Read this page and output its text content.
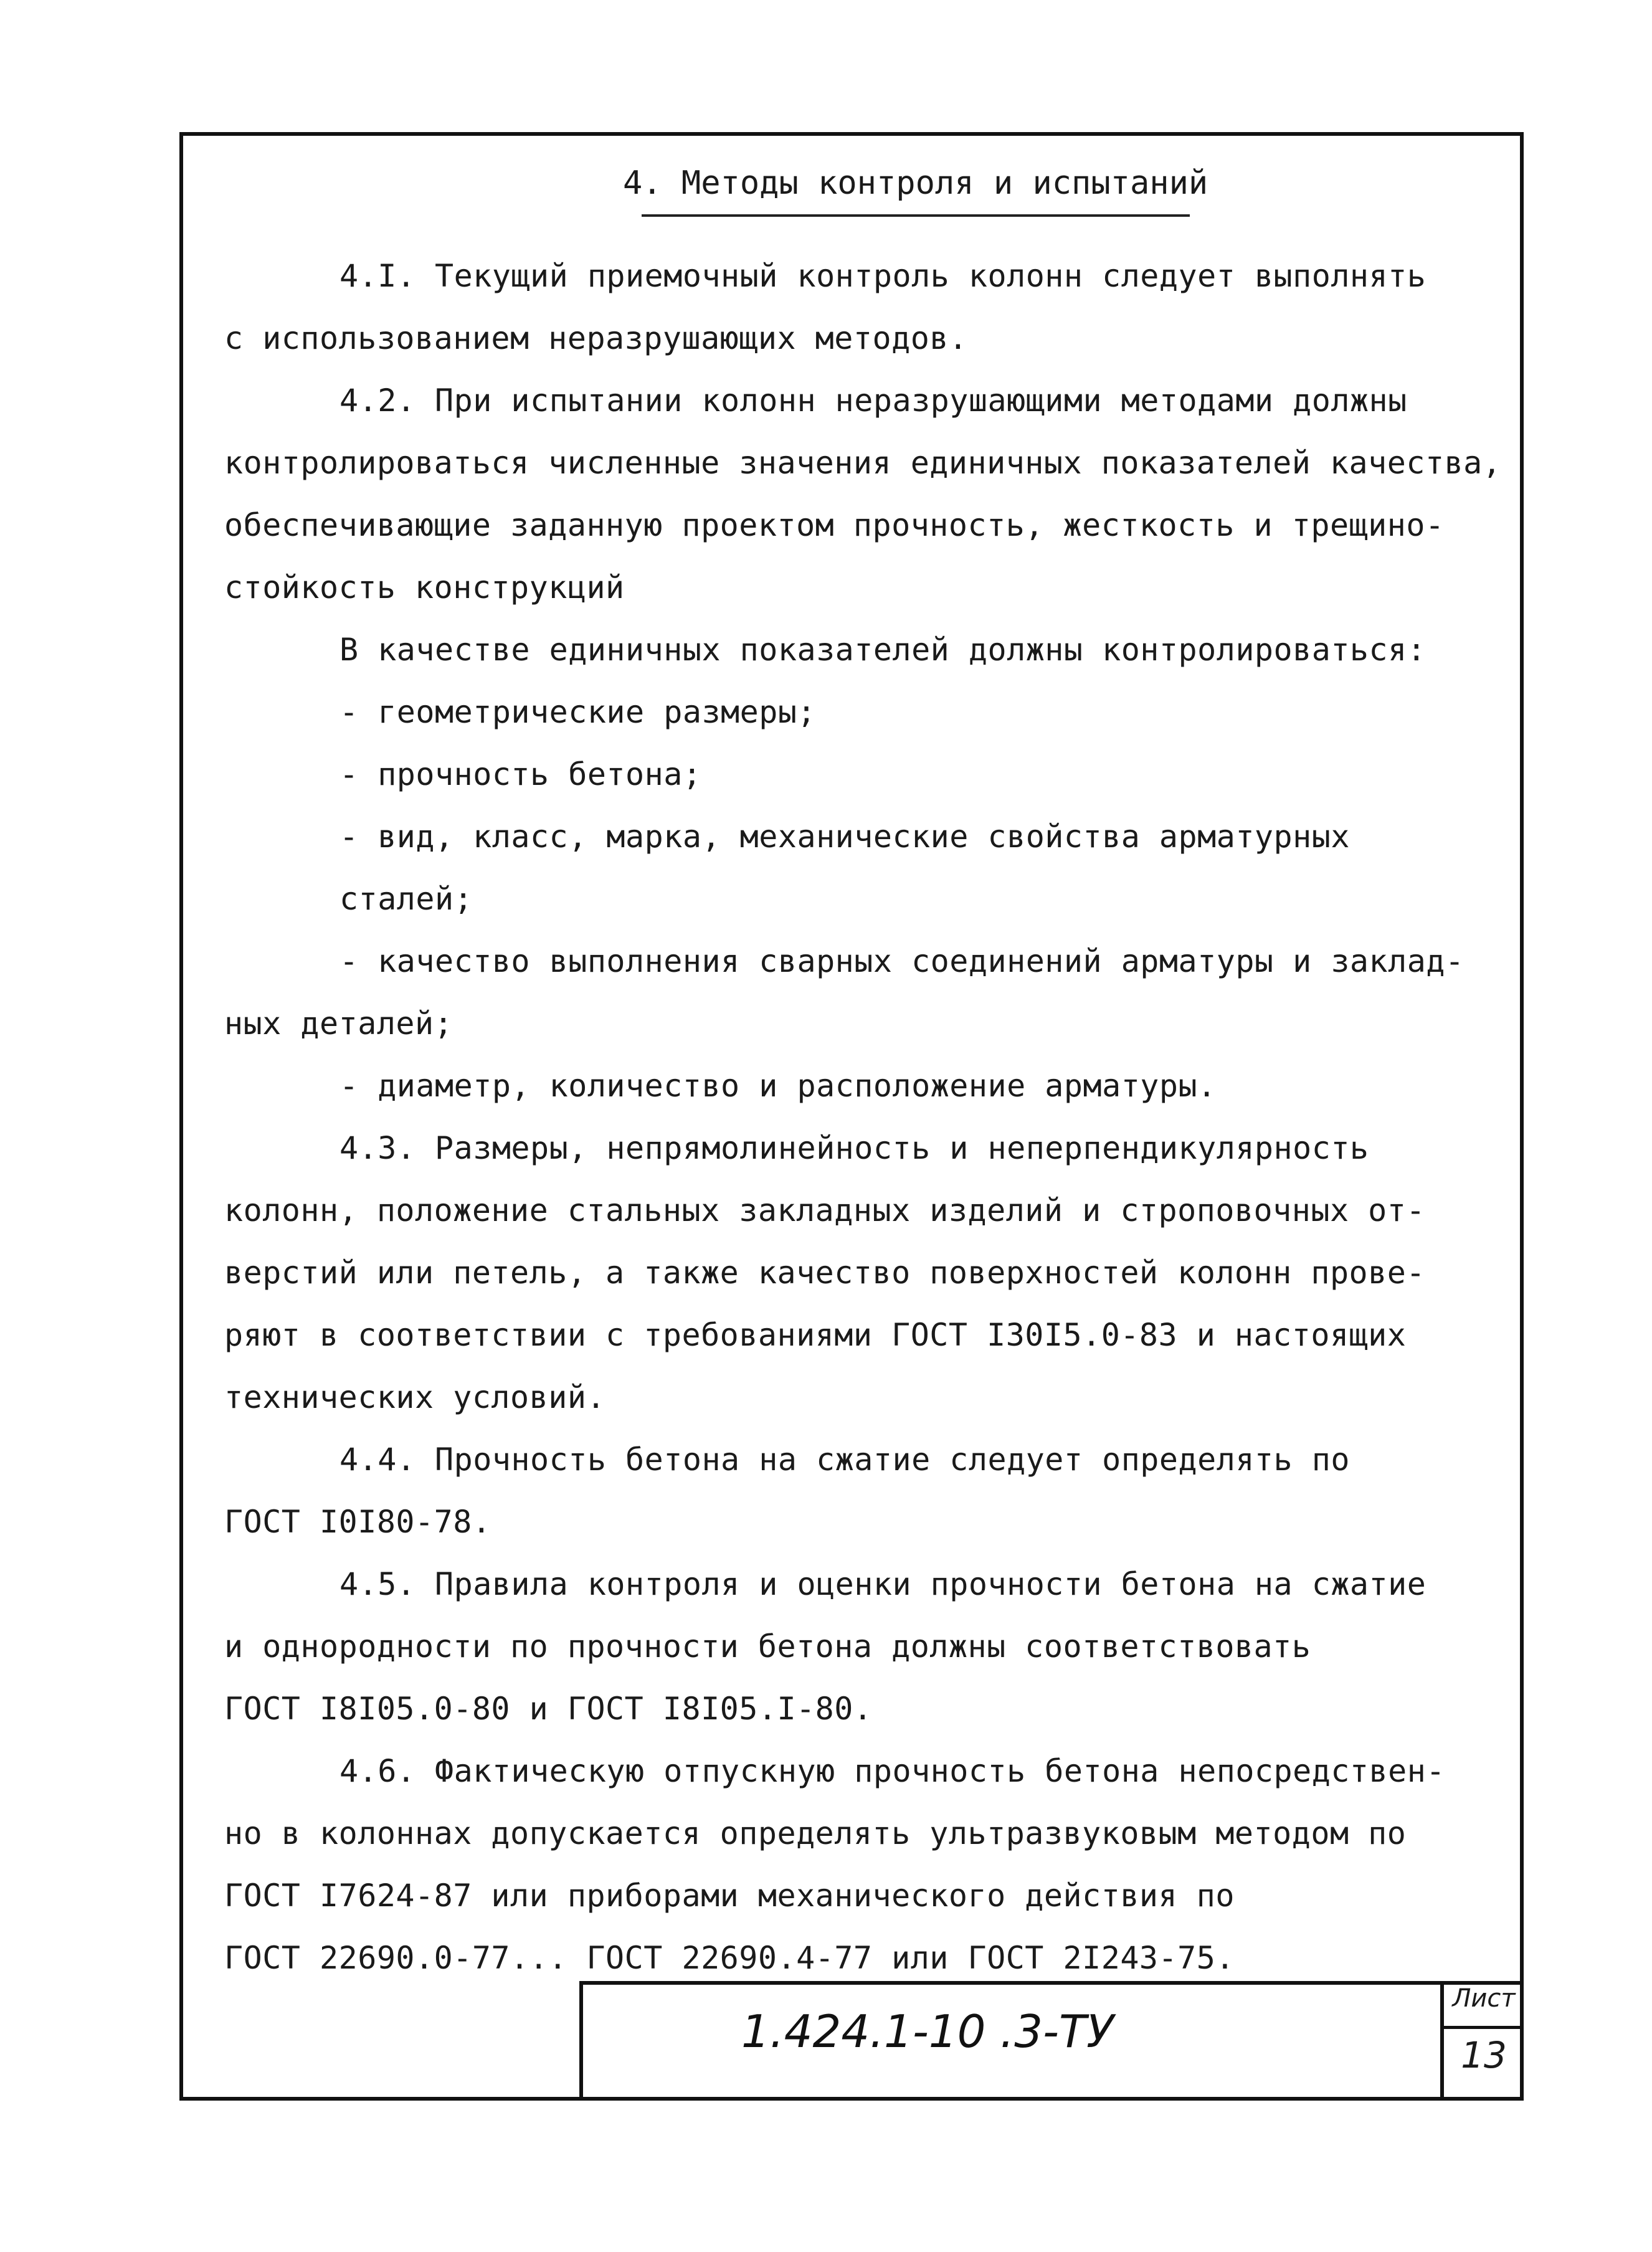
4. Методы контроля и испытаний
4.I. Текущий приемочный контроль колонн следует выполнять
с использованием неразрушающих методов.
4.2. При испытании колонн неразрушающими методами должны
контролироваться численные значения единичных показателей качества,
обеспечивающие заданную проектом прочность, жесткость и трещино-
стойкость конструкций
В качестве единичных показателей должны контролироваться:
- геометрические размеры;
- прочность бетона;
- вид, класс, марка, механические свойства арматурных
сталей;
- качество выполнения сварных соединений арматуры и заклад-
ных деталей;
- диаметр, количество и расположение арматуры.
4.3. Размеры, непрямолинейность и неперпендикулярность
колонн, положение стальных закладных изделий и строповочных от-
верстий или петель, а также качество поверхностей колонн прове-
ряют в соответствии с требованиями ГОСТ I30I5.0-83 и настоящих
технических условий.
4.4. Прочность бетона на сжатие следует определять по
ГОСТ I0I80-78.
4.5. Правила контроля и оценки прочности бетона на сжатие
и однородности по прочности бетона должны соответствовать
ГОСТ I8I05.0-80 и ГОСТ I8I05.I-80.
4.6. Фактическую отпускную прочность бетона непосредствен-
но в колоннах допускается определять ультразвуковым методом по
ГОСТ I7624-87 или приборами механического действия по
ГОСТ 22690.0-77... ГОСТ 22690.4-77 или ГОСТ 2I243-75.
1.424.1-10 .3-ТУ
Лист
13
